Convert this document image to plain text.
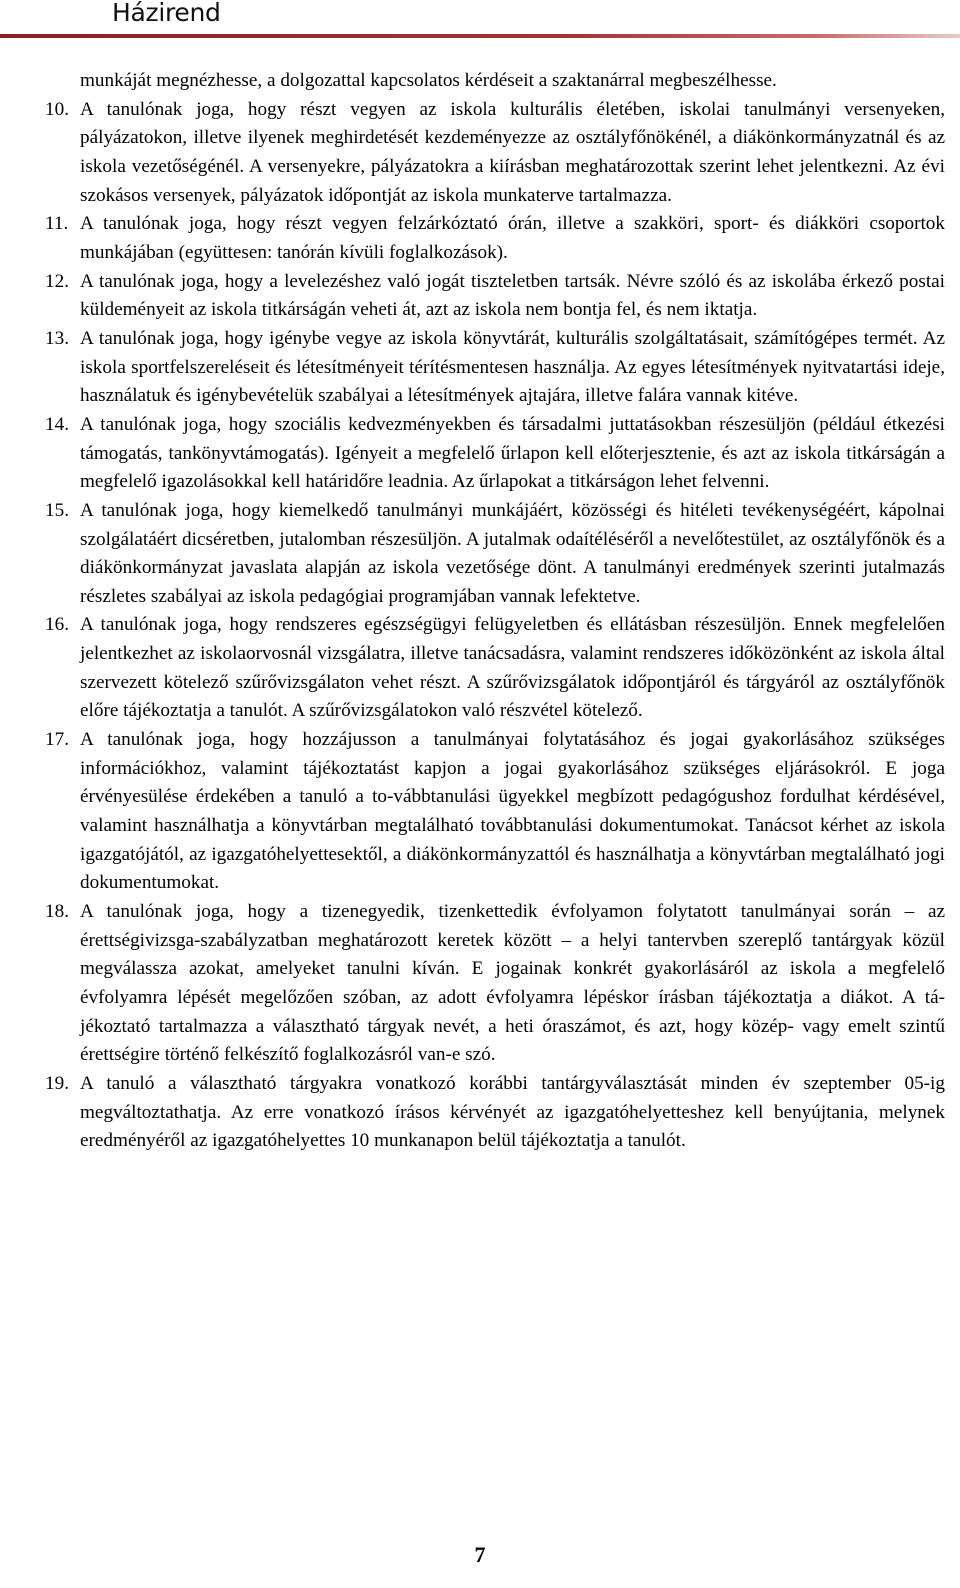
Házirend

munkáját megnézhesse, a dolgozattal kapcsolatos kérdéseit a szaktanárral megbeszélhesse.

10. A tanulónak joga, hogy részt vegyen az iskola kulturális életében, iskolai tanulmányi versenyeken, pályázatokon, illetve ilyenek meghirdetését kezdeményezze az osztályfőnökénél, a diákönkormányzatnál és az iskola vezetőségénél. A versenyekre, pályázatokra a kiírásban meghatározottak szerint lehet jelentkezni. Az évi szokásos versenyek, pályázatok időpontját az iskola munkaterve tartalmazza.

11. A tanulónak joga, hogy részt vegyen felzárkóztató órán, illetve a szakköri, sport- és diákköri csoportok munkájában (együttesen: tanórán kívüli foglalkozások).

12. A tanulónak joga, hogy a levelezéshez való jogát tiszteletben tartsák. Névre szóló és az iskolába érkező postai küldeményeit az iskola titkárságán veheti át, azt az iskola nem bontja fel, és nem iktatja.

13. A tanulónak joga, hogy igénybe vegye az iskola könyvtárát, kulturális szolgáltatásait, számítógépes termét. Az iskola sportfelszereléseit és létesítményeit térítésmentesen használja. Az egyes létesítmények nyitvatartási ideje, használatuk és igénybevételük szabályai a létesítmények ajtajára, illetve falára vannak kitéve.

14. A tanulónak joga, hogy szociális kedvezményekben és társadalmi juttatásokban részesüljön (például étkezési támogatás, tankönyvtámogatás). Igényeit a megfelelő űrlapon kell előterjesztenie, és azt az iskola titkárságán a megfelelő igazolásokkal kell határidőre leadnia. Az űrlapokat a titkárságon lehet felvenni.

15. A tanulónak joga, hogy kiemelkedő tanulmányi munkájáért, közösségi és hitéleti tevékenységéért, kápolnai szolgálatáért dicséretben, jutalomban részesüljön. A jutalmak odaítéléséről a nevelőtestület, az osztályfőnök és a diákönkormányzat javaslata alapján az iskola vezetősége dönt. A tanulmányi eredmények szerinti jutalmazás részletes szabályai az iskola pedagógiai programjában vannak lefektetve.

16. A tanulónak joga, hogy rendszeres egészségügyi felügyeletben és ellátásban részesüljön. Ennek megfelelően jelentkezhet az iskolaorvosnál vizsgálatra, illetve tanácsadásra, valamint rendszeres időközönként az iskola által szervezett kötelező szűrővizsgálaton vehet részt. A szűrővizsgálatok időpontjáról és tárgyáról az osztályfőnök előre tájékoztatja a tanulót. A szűrővizsgálatokon való részvétel kötelező.

17. A tanulónak joga, hogy hozzájusson a tanulmányai folytatásához és jogai gyakorlásához szükséges információkhoz, valamint tájékoztatást kapjon a jogai gyakorlásához szükséges eljárásokról. E joga érvényesülése érdekében a tanuló a to-vábbtanulási ügyekkel megbízott pedagógushoz fordulhat kérdésével, valamint használhatja a könyvtárban megtalálható továbbtanulási dokumentumokat. Tanácsot kérhet az iskola igazgatójától, az igazgatóhelyettesektől, a diákönkormányzattól és használhatja a könyvtárban megtalálható jogi dokumentumokat.

18. A tanulónak joga, hogy a tizenegyedik, tizenkettedik évfolyamon folytatott tanulmányai során – az érettségivizsga-szabályzatban meghatározott keretek között – a helyi tantervben szereplő tantárgyak közül megválassza azokat, amelyeket tanulni kíván. E jogainak konkrét gyakorlásáról az iskola a megfelelő évfolyamra lépését megelőzően szóban, az adott évfolyamra lépéskor írásban tájékoztatja a diákot. A tá-jékoztató tartalmazza a választható tárgyak nevét, a heti óraszámot, és azt, hogy közép- vagy emelt szintű érettségire történő felkészítő foglalkozásról van-e szó.

19. A tanuló a választható tárgyakra vonatkozó korábbi tantárgyválasztását minden év szeptember 05-ig megváltoztathatja. Az erre vonatkozó írásos kérvényét az igazgatóhelyetteshez kell benyújtania, melynek eredményéről az igazgatóhelyettes 10 munkanapon belül tájékoztatja a tanulót.

7
